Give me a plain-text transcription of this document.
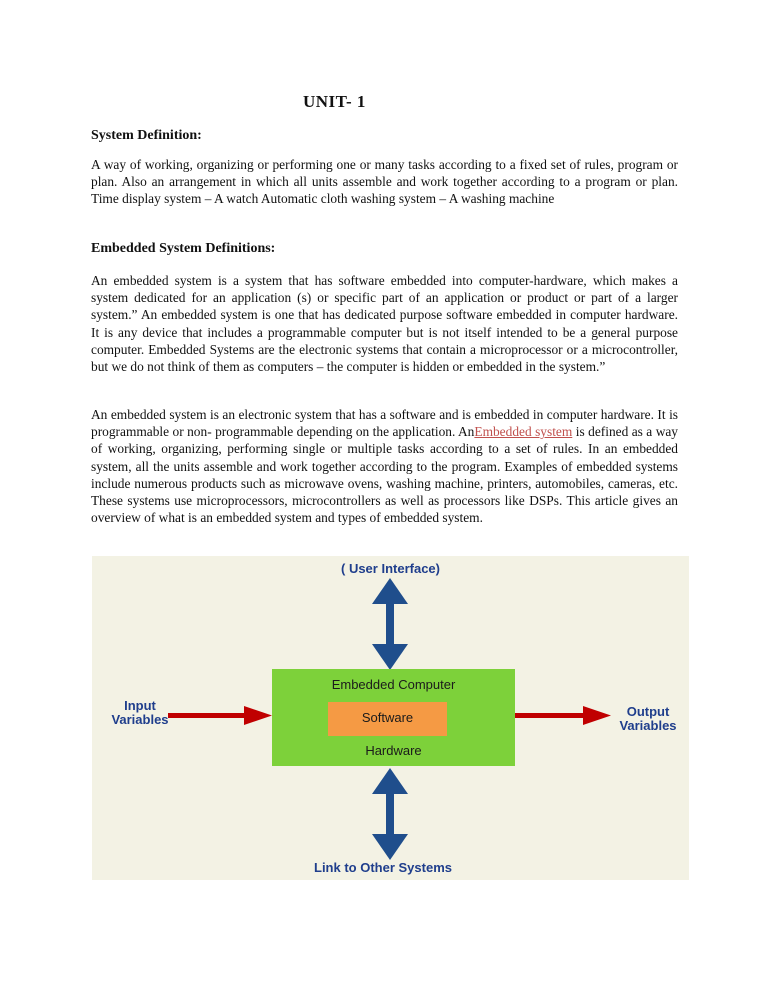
UNIT- 1
System Definition:
A way of working, organizing or performing one or many tasks according to a fixed set of rules, program or plan. Also an arrangement in which all units assemble and work together according to a program or plan. Time display system – A watch Automatic cloth washing system – A washing machine
Embedded System Definitions:
An embedded system is a system that has software embedded into computer-hardware, which makes a system dedicated for an application (s) or specific part of an application or product or part of a larger system.” An embedded system is one that has dedicated purpose software embedded in computer hardware. It is any device that includes a programmable computer but is not itself intended to be a general purpose computer. Embedded Systems are the electronic systems that contain a microprocessor or a microcontroller, but we do not think of them as computers – the computer is hidden or embedded in the system.”
An embedded system is an electronic system that has a software and is embedded in computer hardware. It is programmable or non- programmable depending on the application. AnEmbedded system is defined as a way of working, organizing, performing single or multiple tasks according to a set of rules. In an embedded system, all the units assemble and work together according to the program. Examples of embedded systems include numerous products such as microwave ovens, washing machine, printers, automobiles, cameras, etc. These systems use microprocessors, microcontrollers as well as processors like DSPs. This article gives an overview of what is an embedded system and types of embedded system.
( User Interface)
Input
Variables
Output
Variables
Embedded Computer
Software
Hardware
Link to Other Systems
